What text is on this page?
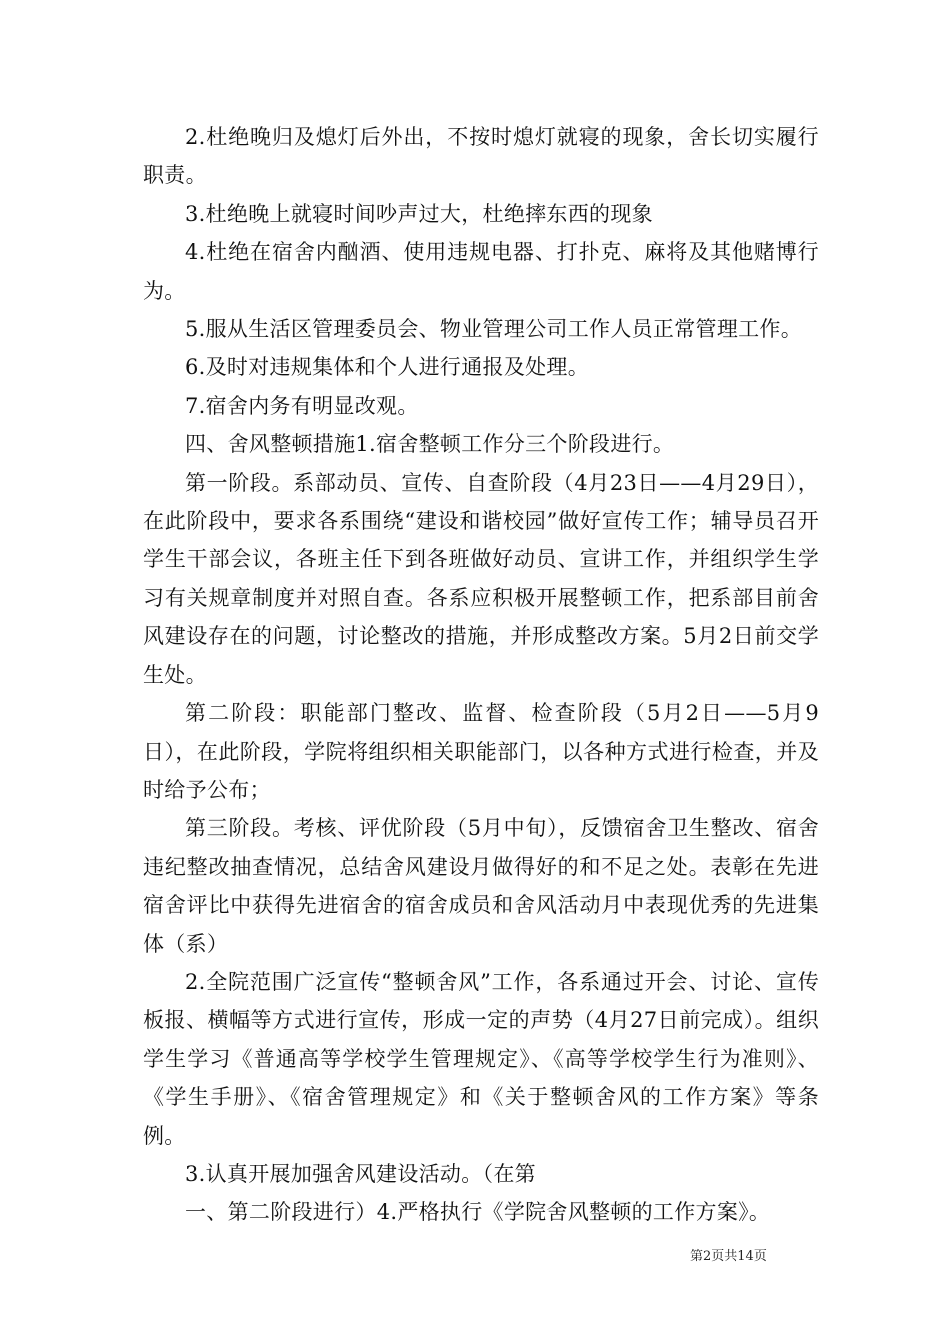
2.杜绝晚归及熄灯后外出，不按时熄灯就寝的现象，舍长切实履行职责。

3.杜绝晚上就寝时间吵声过大，杜绝摔东西的现象

4.杜绝在宿舍内酗酒、使用违规电器、打扑克、麻将及其他赌博行为。

5.服从生活区管理委员会、物业管理公司工作人员正常管理工作。

6.及时对违规集体和个人进行通报及处理。

7.宿舍内务有明显改观。

四、舍风整顿措施1.宿舍整顿工作分三个阶段进行。

第一阶段。系部动员、宣传、自查阶段（4月23日——4月29日），在此阶段中，要求各系围绕“建设和谐校园”做好宣传工作；辅导员召开学生干部会议，各班主任下到各班做好动员、宣讲工作，并组织学生学习有关规章制度并对照自查。各系应积极开展整顿工作，把系部目前舍风建设存在的问题，讨论整改的措施，并形成整改方案。5月2日前交学生处。

第二阶段：职能部门整改、监督、检查阶段（5月2日——5月9日），在此阶段，学院将组织相关职能部门，以各种方式进行检查，并及时给予公布；

第三阶段。考核、评优阶段（5月中旬），反馈宿舍卫生整改、宿舍违纪整改抽查情况，总结舍风建设月做得好的和不足之处。表彰在先进宿舍评比中获得先进宿舍的宿舍成员和舍风活动月中表现优秀的先进集体（系）

2.全院范围广泛宣传“整顿舍风”工作，各系通过开会、讨论、宣传板报、横幅等方式进行宣传，形成一定的声势（4月27日前完成）。组织学生学习《普通高等学校学生管理规定》、《高等学校学生行为准则》、《学生手册》、《宿舍管理规定》和《关于整顿舍风的工作方案》等条例。

3.认真开展加强舍风建设活动。（在第

一、第二阶段进行）4.严格执行《学院舍风整顿的工作方案》。

第2页共14页
